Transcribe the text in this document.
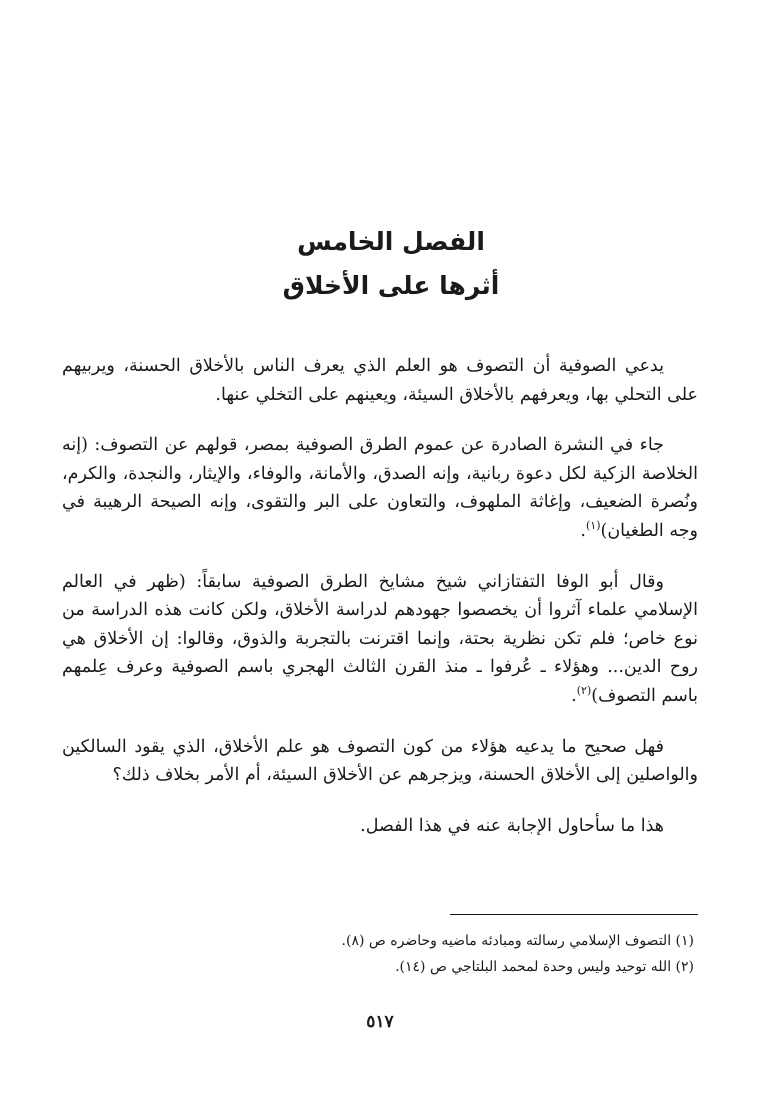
الفصل الخامس
أثرها على الأخلاق

يدعي الصوفية أن التصوف هو العلم الذي يعرف الناس بالأخلاق الحسنة، ويربيهم على التحلي بها، ويعرفهم بالأخلاق السيئة، ويعينهم على التخلي عنها.

جاء في النشرة الصادرة عن عموم الطرق الصوفية بمصر، قولهم عن التصوف: (إنه الخلاصة الزكية لكل دعوة ربانية، وإنه الصدق، والأمانة، والوفاء، والإيثار، والنجدة، والكرم، ونُصرة الضعيف، وإغاثة الملهوف، والتعاون على البر والتقوى، وإنه الصيحة الرهيبة في وجه الطغيان)$^{(١)}$.

وقال أبو الوفا التفتازاني شيخ مشايخ الطرق الصوفية سابقاً: (ظهر في العالم الإسلامي علماء آثروا أن يخصصوا جهودهم لدراسة الأخلاق، ولكن كانت هذه الدراسة من نوع خاص؛ فلم تكن نظرية بحتة، وإنما اقترنت بالتجربة والذوق، وقالوا: إن الأخلاق هي روح الدين... وهؤلاء ـ عُرفوا ـ منذ القرن الثالث الهجري باسم الصوفية وعرف عِلمهم باسم التصوف)$^{(٢)}$.

فهل صحيح ما يدعيه هؤلاء من كون التصوف هو علم الأخلاق، الذي يقود السالكين والواصلين إلى الأخلاق الحسنة، ويزجرهم عن الأخلاق السيئة، أم الأمر بخلاف ذلك؟

هذا ما سأحاول الإجابة عنه في هذا الفصل.

(١) التصوف الإسلامي رسالته ومبادئه ماضيه وحاضره ص (٨).
(٢) الله توحيد وليس وحدة لمحمد البلتاجي ص (١٤).
٥١٧
